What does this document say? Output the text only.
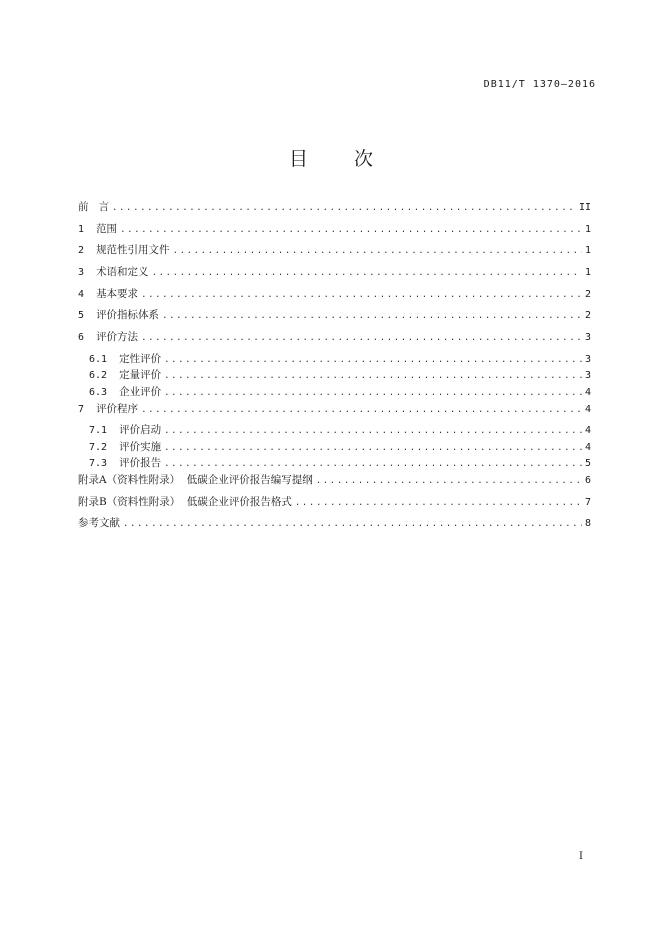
DB11/T 1370—2016
目 次
前   言 .....	II
1 范围 .....	1
2 规范性引用文件 .....	1
3 术语和定义 .....	1
4 基本要求 .....	2
5 评价指标体系 .....	2
6 评价方法 .....	3
6.1 定性评价 .....	3
6.2 定量评价 .....	3
6.3 企业评价 .....	4
7 评价程序 .....	4
7.1 评价启动 .....	4
7.2 评价实施 .....	4
7.3 评价报告 .....	5
附录A（资料性附录）  低碳企业评价报告编写提纲 .....	6
附录B（资料性附录）  低碳企业评价报告格式 .....	7
参考文献 .....	8
I
